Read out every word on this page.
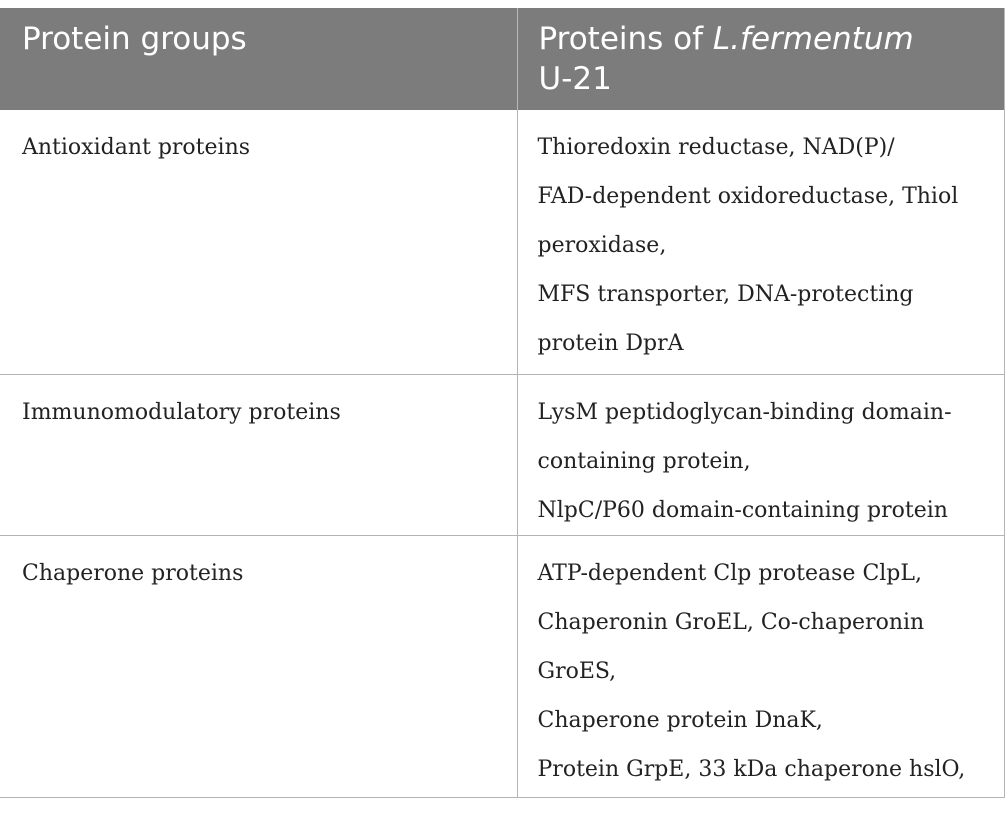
Protein groups	Proteins of L.fermentum
U-21
Antioxidant proteins	Thioredoxin reductase, NAD(P)/
FAD-dependent oxidoreductase, Thiol
peroxidase,
MFS transporter, DNA-protecting
protein DprA

Immunomodulatory proteins	LysM peptidoglycan-binding domain-
containing protein,
NlpC/P60 domain-containing protein

Chaperone proteins	ATP-dependent Clp protease ClpL,
Chaperonin GroEL, Co-chaperonin
GroES,
Chaperone protein DnaK,
Protein GrpE, 33 kDa chaperone hslO,
